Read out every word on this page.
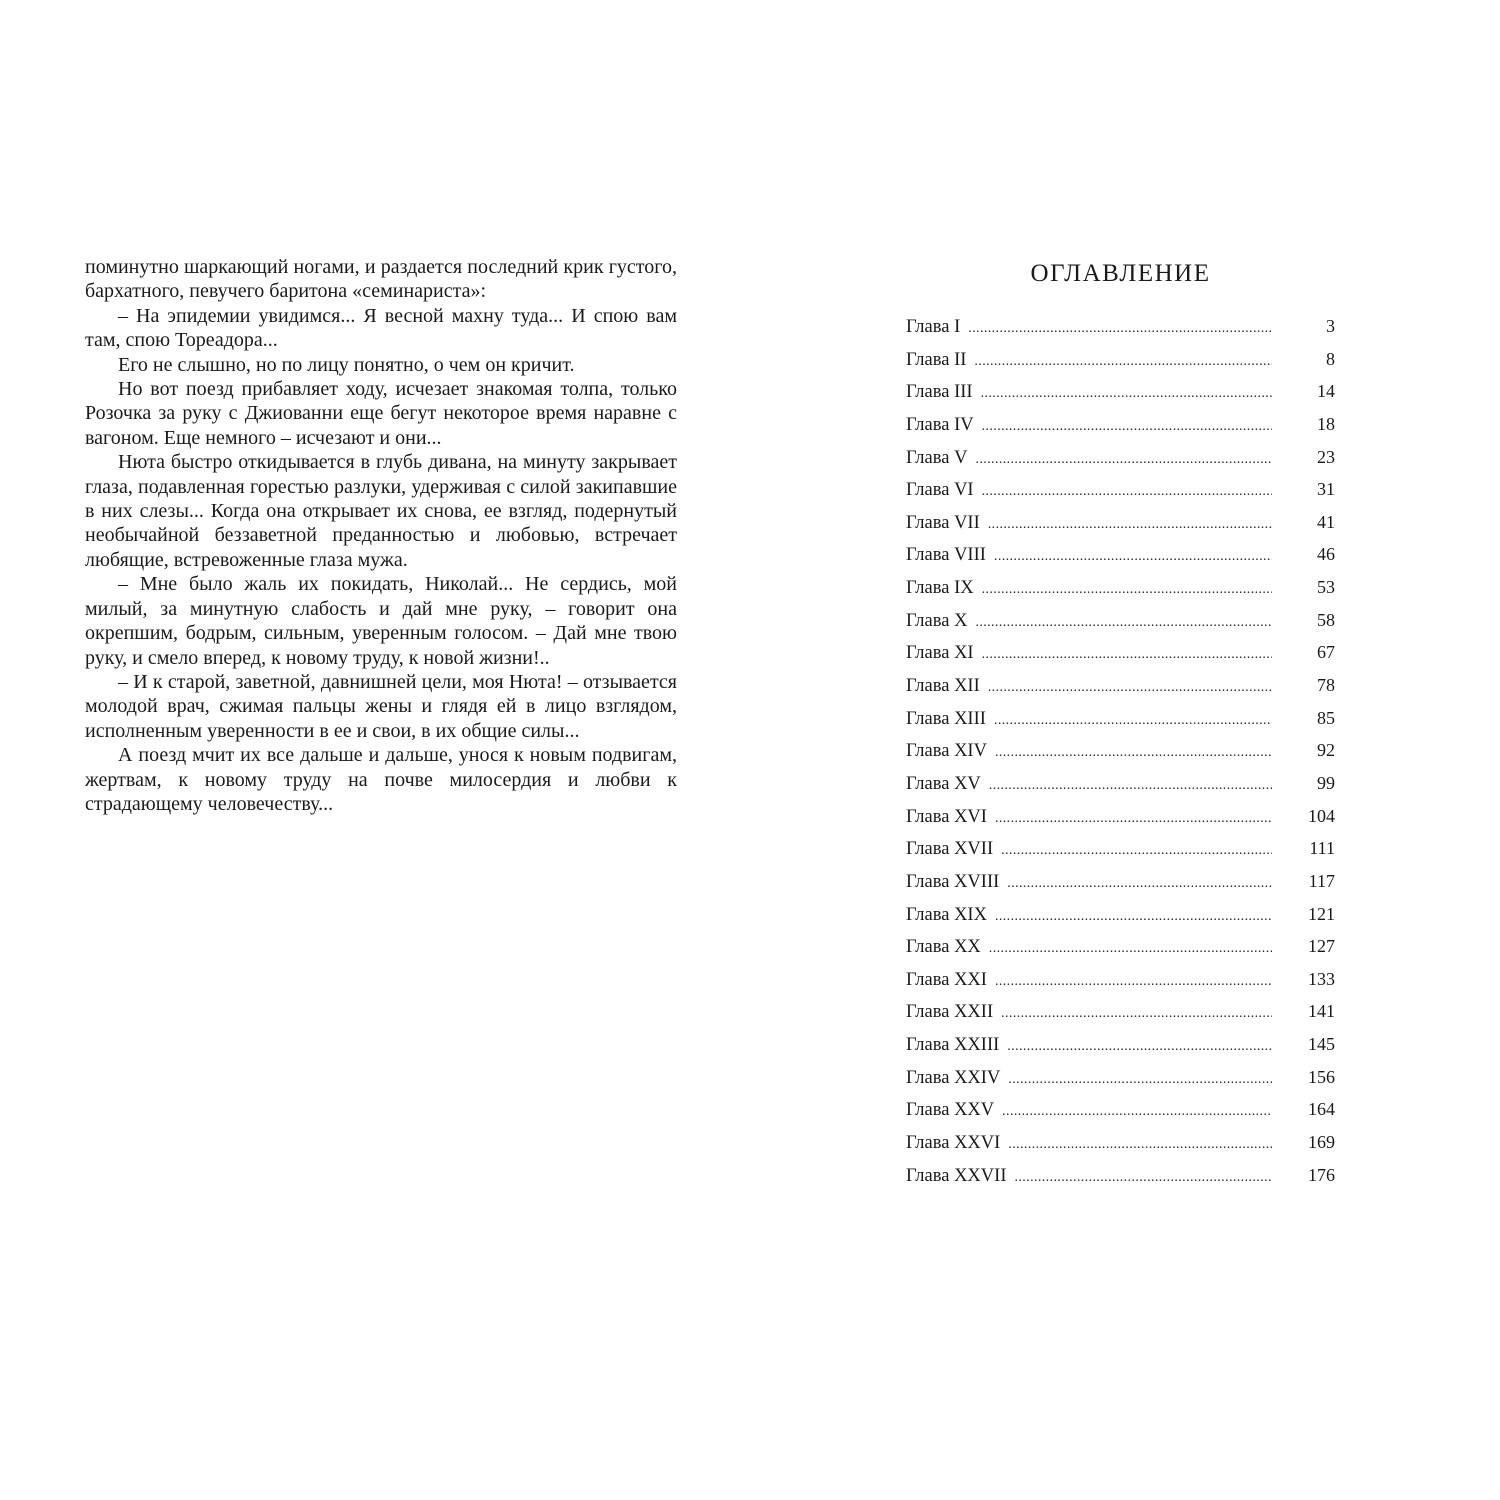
поминутно шаркающий ногами, и раздается последний крик густого, бархатного, певучего баритона «семинариста»:

– На эпидемии увидимся... Я весной махну туда... И спою вам там, спою Тореадора...

Его не слышно, но по лицу понятно, о чем он кричит.

Но вот поезд прибавляет ходу, исчезает знакомая толпа, только Розочка за руку с Джиованни еще бегут некоторое время наравне с вагоном. Еще немного – исчезают и они...

Нюта быстро откидывается в глубь дивана, на минуту закрывает глаза, подавленная горестью разлуки, удерживая с силой закипавшие в них слезы... Когда она открывает их снова, ее взгляд, подернутый необычайной беззаветной преданностью и любовью, встречает любящие, встревоженные глаза мужа.

– Мне было жаль их покидать, Николай... Не сердись, мой милый, за минутную слабость и дай мне руку, – говорит она окрепшим, бодрым, сильным, уверенным голосом. – Дай мне твою руку, и смело вперед, к новому труду, к новой жизни!..

– И к старой, заветной, давнишней цели, моя Нюта! – отзывается молодой врач, сжимая пальцы жены и глядя ей в лицо взглядом, исполненным уверенности в ее и свои, в их общие силы...

А поезд мчит их все дальше и дальше, унося к новым подвигам, жертвам, к новому труду на почве милосердия и любви к страдающему человечеству...

ОГЛАВЛЕНИЕ
Глава I .....	3
Глава II .....	8
Глава III .....	14
Глава IV .....	18
Глава V .....	23
Глава VI .....	31
Глава VII .....	41
Глава VIII .....	46
Глава IX .....	53
Глава X .....	58
Глава XI .....	67
Глава XII .....	78
Глава XIII .....	85
Глава XIV .....	92
Глава XV .....	99
Глава XVI .....	104
Глава XVII .....	111
Глава XVIII .....	117
Глава XIX .....	121
Глава XX .....	127
Глава XXI .....	133
Глава XXII .....	141
Глава XXIII .....	145
Глава XXIV .....	156
Глава XXV .....	164
Глава XXVI .....	169
Глава XXVII .....	176
